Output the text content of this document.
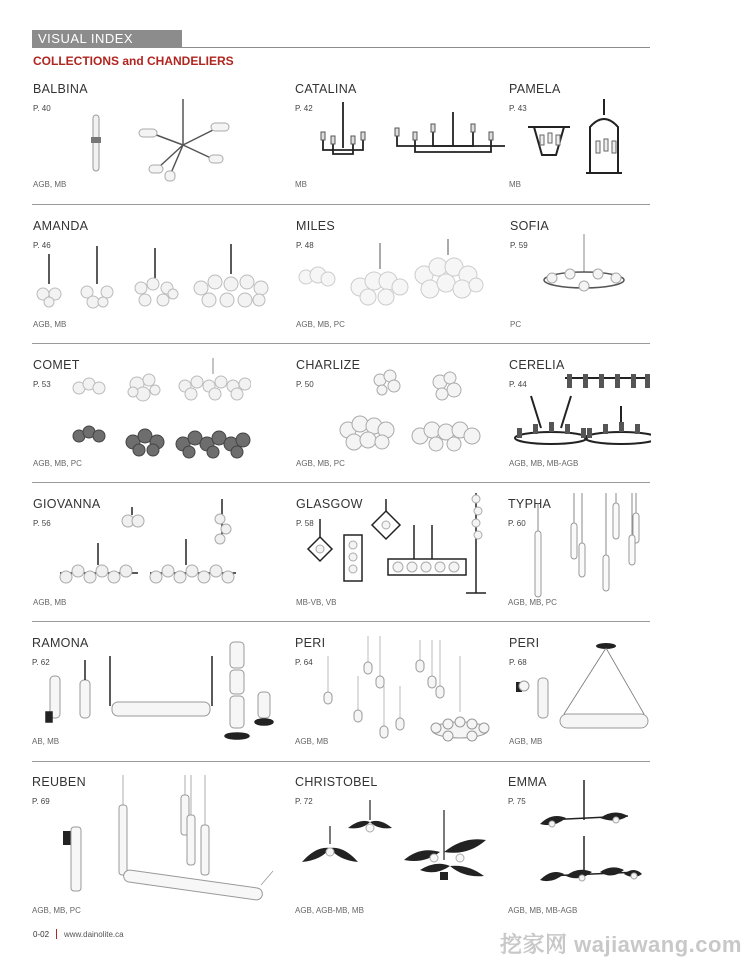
VISUAL INDEX
COLLECTIONS and CHANDELIERS
BALBINA
P. 40
AGB, MB
CATALINA
P. 42
MB
PAMELA
P. 43
MB
AMANDA
P. 46
AGB, MB
MILES
P. 48
AGB, MB, PC
SOFIA
P. 59
PC
COMET
P. 53
AGB, MB, PC
CHARLIZE
P. 50
AGB, MB, PC
CERELIA
P. 44
AGB, MB, MB-AGB
GIOVANNA
P. 56
AGB, MB
GLASGOW
P. 58
MB-VB, VB
TYPHA
P. 60
AGB, MB, PC
RAMONA
P. 62
AB, MB
PERI
P. 64
AGB, MB
PERI
P. 68
AGB, MB
REUBEN
P. 69
AGB, MB, PC
CHRISTOBEL
P. 72
AGB, AGB-MB, MB
EMMA
P. 75
AGB, MB, MB-AGB
0-02 www.dainolite.ca	挖家网 wajiawang.com
